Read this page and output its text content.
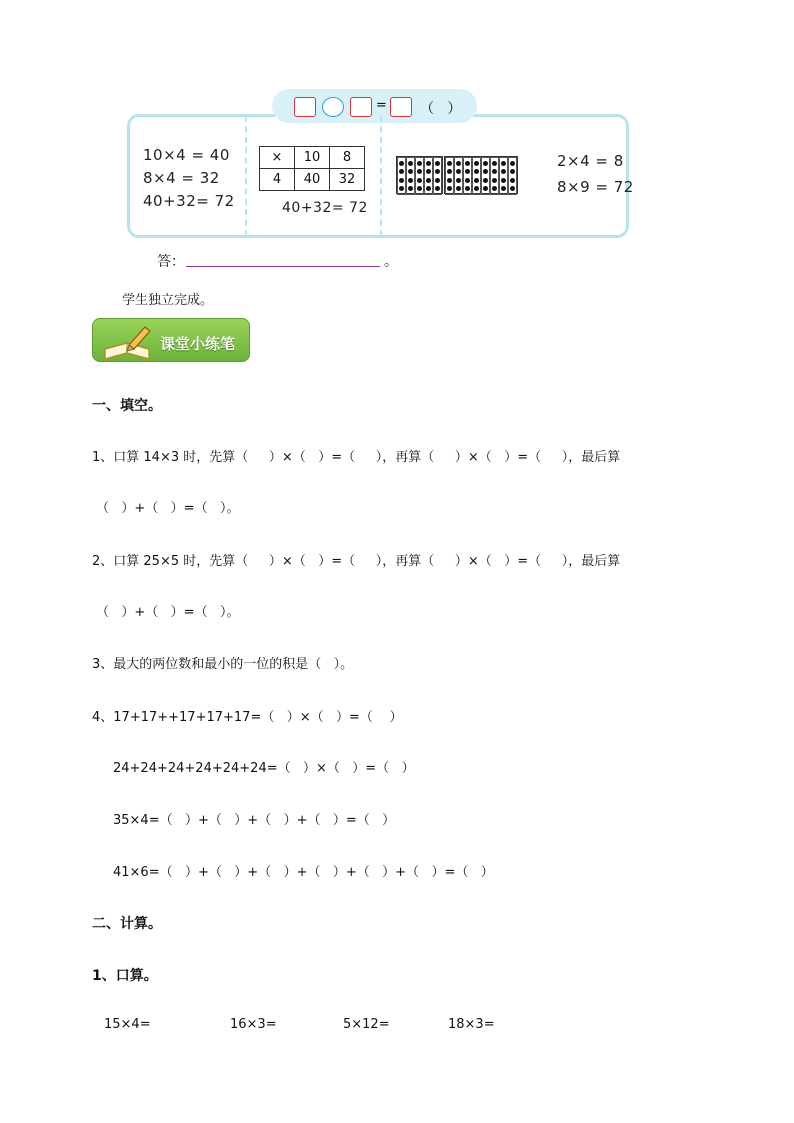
= （   ）
10×4 = 40
8×4 = 32
40+32= 72
×	10	8
4	40	32
40+32= 72
2×4 = 8
8×9 = 72
答：	。
学生独立完成。
课堂小练笔
一、填空。
1、口算 14×3 时，先算（     ）×（   ）=（     ），再算（     ）×（   ）=（     ），最后算
（   ）+（   ）=（   ）。
2、口算 25×5 时，先算（     ）×（   ）=（     ），再算（     ）×（   ）=（     ），最后算
（   ）+（   ）=（   ）。
3、最大的两位数和最小的一位的积是（   ）。
4、17+17++17+17+17=（   ）×（   ）=（    ）
24+24+24+24+24+24=（   ）×（   ）=（   ）
35×4=（   ）+（   ）+（   ）+（   ）=（   ）
41×6=（   ）+（   ）+（   ）+（   ）+（   ）+（   ）=（   ）
二、计算。
1、口算。
15×4=	16×3=	5×12=	18×3=
